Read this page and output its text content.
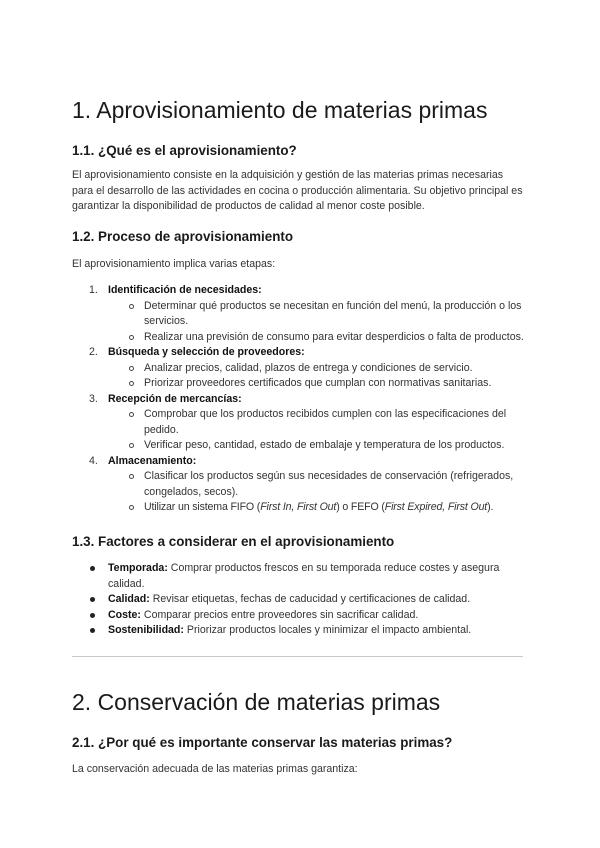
1. Aprovisionamiento de materias primas
1.1. ¿Qué es el aprovisionamiento?

El aprovisionamiento consiste en la adquisición y gestión de las materias primas necesarias para el desarrollo de las actividades en cocina o producción alimentaria. Su objetivo principal es garantizar la disponibilidad de productos de calidad al menor coste posible.

1.2. Proceso de aprovisionamiento

El aprovisionamiento implica varias etapas:

1. Identificación de necesidades:
Determinar qué productos se necesitan en función del menú, la producción o los servicios.
Realizar una previsión de consumo para evitar desperdicios o falta de productos.
2. Búsqueda y selección de proveedores:
Analizar precios, calidad, plazos de entrega y condiciones de servicio.
Priorizar proveedores certificados que cumplan con normativas sanitarias.
3. Recepción de mercancías:
Comprobar que los productos recibidos cumplen con las especificaciones del pedido.
Verificar peso, cantidad, estado de embalaje y temperatura de los productos.
4. Almacenamiento:
Clasificar los productos según sus necesidades de conservación (refrigerados, congelados, secos).
Utilizar un sistema FIFO (First In, First Out) o FEFO (First Expired, First Out).
1.3. Factores a considerar en el aprovisionamiento
Temporada: Comprar productos frescos en su temporada reduce costes y asegura calidad.
Calidad: Revisar etiquetas, fechas de caducidad y certificaciones de calidad.
Coste: Comparar precios entre proveedores sin sacrificar calidad.
Sostenibilidad: Priorizar productos locales y minimizar el impacto ambiental.
2. Conservación de materias primas
2.1. ¿Por qué es importante conservar las materias primas?

La conservación adecuada de las materias primas garantiza:
